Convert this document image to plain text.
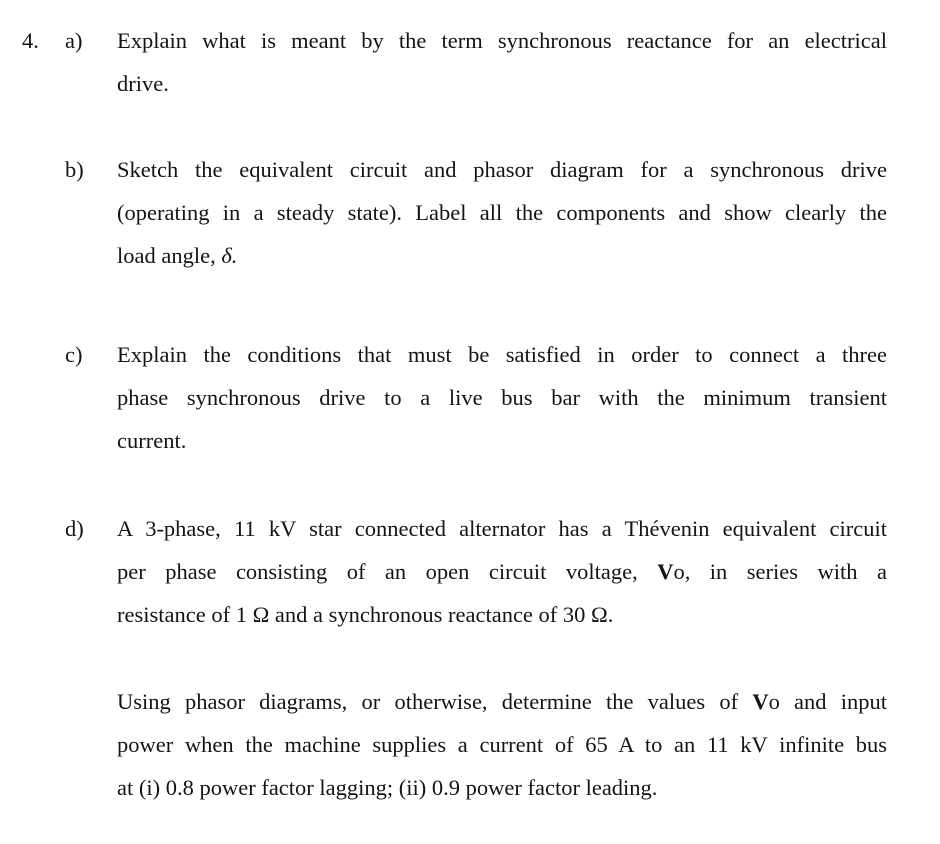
4. a) Explain what is meant by the term synchronous reactance for an electrical
drive.
b) Sketch the equivalent circuit and phasor diagram for a synchronous drive
(operating in a steady state). Label all the components and show clearly the
load angle, δ.
c) Explain the conditions that must be satisfied in order to connect a three
phase synchronous drive to a live bus bar with the minimum transient
current.
d) A 3-phase, 11 kV star connected alternator has a Thévenin equivalent circuit
per phase consisting of an open circuit voltage, Vo, in series with a
resistance of 1 Ω and a synchronous reactance of 30 Ω.
Using phasor diagrams, or otherwise, determine the values of Vo and input
power when the machine supplies a current of 65 A to an 11 kV infinite bus
at (i) 0.8 power factor lagging; (ii) 0.9 power factor leading.
